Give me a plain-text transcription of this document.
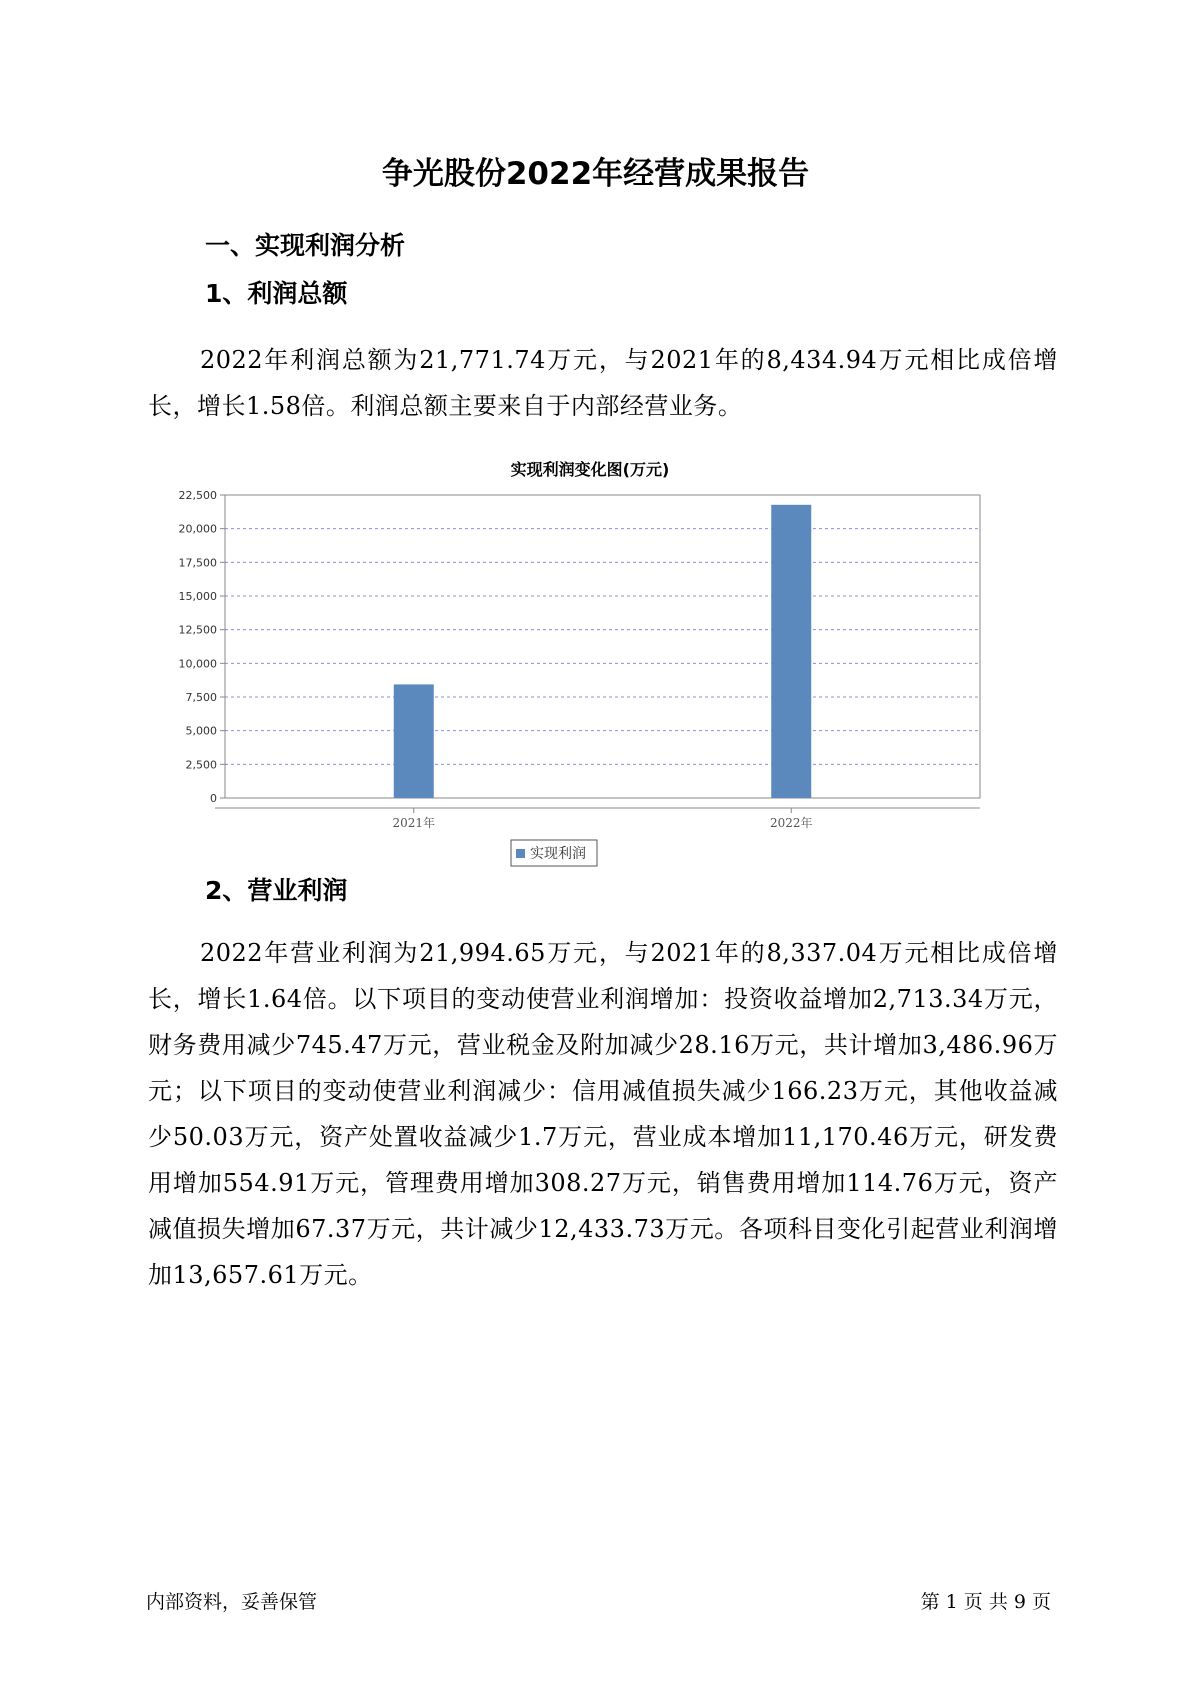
争光股份2022年经营成果报告
一、实现利润分析
1、利润总额

2022年利润总额为21,771.74万元，与2021年的8,434.94万元相比成倍增长，增长1.58倍。利润总额主要来自于内部经营业务。

实现利润变化图(万元)
0
2,500
5,000
7,500
10,000
12,500
15,000
17,500
20,000
22,500
2021年	2022年
实现利润
2、营业利润

2022年营业利润为21,994.65万元，与2021年的8,337.04万元相比成倍增长，增长1.64倍。以下项目的变动使营业利润增加：投资收益增加2,713.34万元，财务费用减少745.47万元，营业税金及附加减少28.16万元，共计增加3,486.96万元；以下项目的变动使营业利润减少：信用减值损失减少166.23万元，其他收益减少50.03万元，资产处置收益减少1.7万元，营业成本增加11,170.46万元，研发费用增加554.91万元，管理费用增加308.27万元，销售费用增加114.76万元，资产减值损失增加67.37万元，共计减少12,433.73万元。各项科目变化引起营业利润增加13,657.61万元。

内部资料，妥善保管	第 1 页 共 9 页
